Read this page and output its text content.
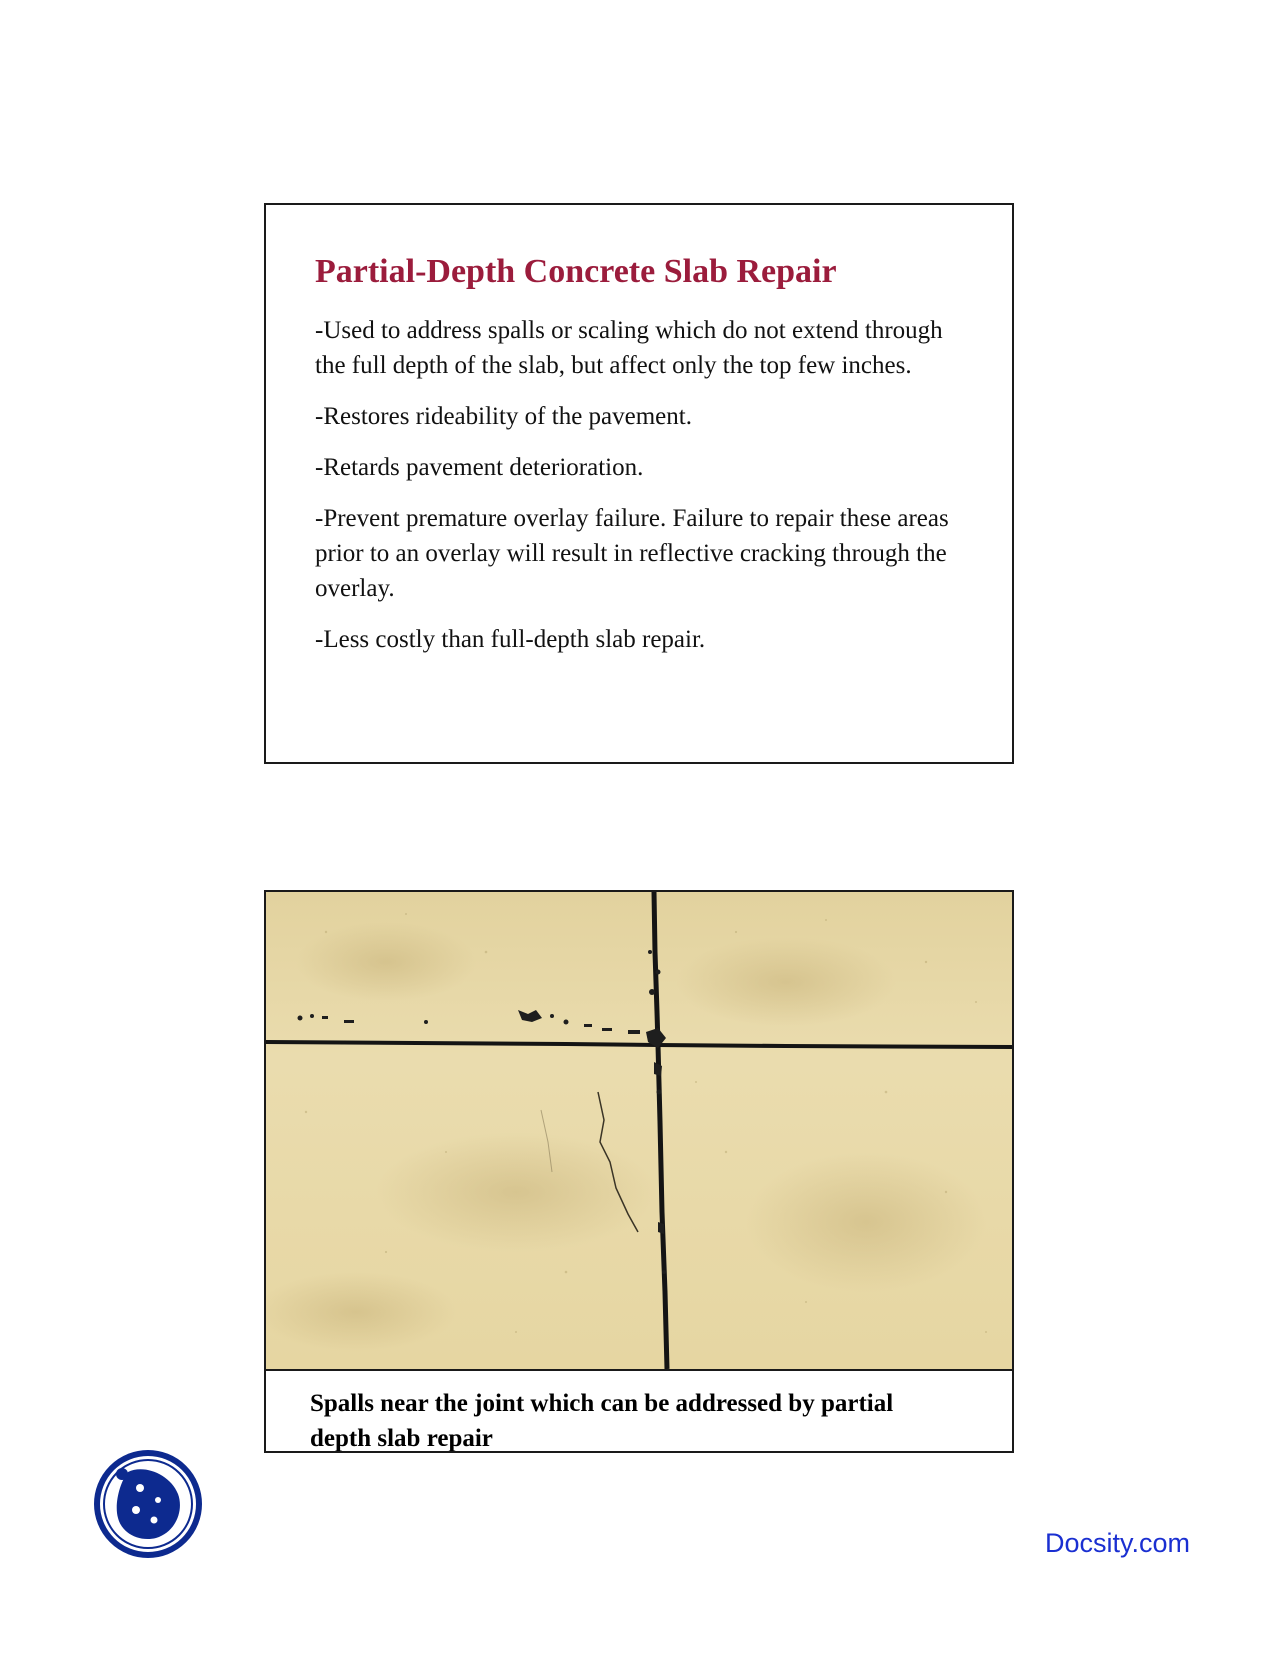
Partial-Depth Concrete Slab Repair

-Used to address spalls or scaling which do not extend through the full depth of the slab, but affect only the top few inches.

-Restores rideability of the pavement.

-Retards pavement deterioration.

-Prevent premature overlay failure. Failure to repair these areas prior to an overlay will result in reflective cracking through the overlay.

-Less costly than full-depth slab repair.

Spalls near the joint which can be addressed by partial depth slab repair

Docsity.com
